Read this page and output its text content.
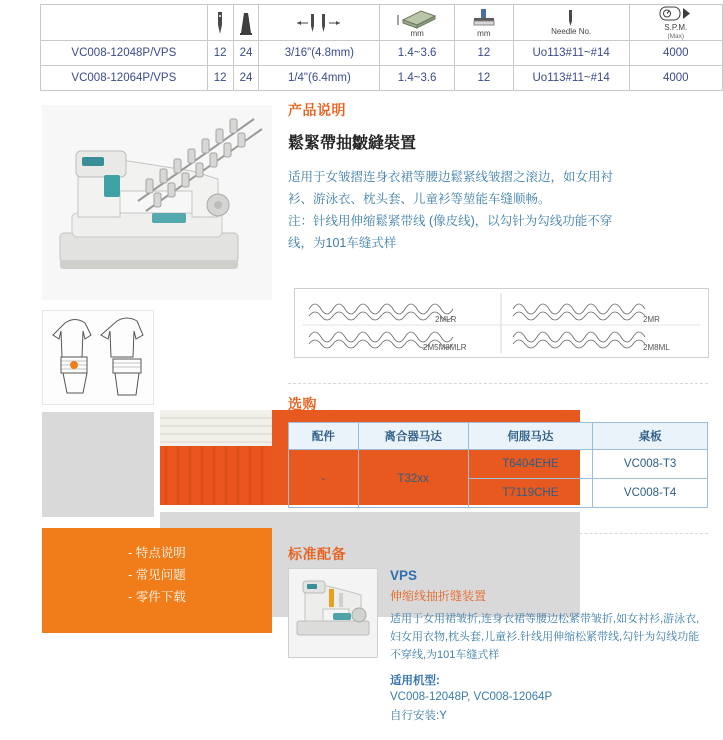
mm	mm	Needle No.	S.P.M.
(Max)

VC008-12048P/VPS	12	24	3/16"(4.8mm)	1.4~3.6	12	Uo113#11~#14	4000
VC008-12064P/VPS	12	24	1/4"(6.4mm)	1.4~3.6	12	Uo113#11~#14	4000
- 特点说明
- 常见问题
- 零件下载
产品说明
鬆緊帶抽皺縫裝置

适用于女皱摺连身衣裙等腰边鬆紧线皱摺之滚边，如女用衬
衫、游泳衣、枕头套、儿童衫等堃能车缝顺畅。
注：针线用伸缩鬆紧带线 (像皮线)，以勾针为勾线功能不穿
线，为101车缝式样

2MLR	2MR
2M5M8MLR	2M8ML
选购
配件	离合器马达	伺服马达	桌板
-	T32xx	T6404EHE	VC008-T3
		T7119CHE	VC008-T4
标准配备
VPS
伸缩线抽折缝装置

适用于女用裙皱折,连身衣裙等腰边松紧带皱折,如女衬衫,游泳衣,妇女用衣物,枕头套,儿童衫.针线用伸缩松紧带线,勾针为勾线功能不穿线,为101车缝式样

适用机型:
VC008-12048P, VC008-12064P
自行安装:Y
